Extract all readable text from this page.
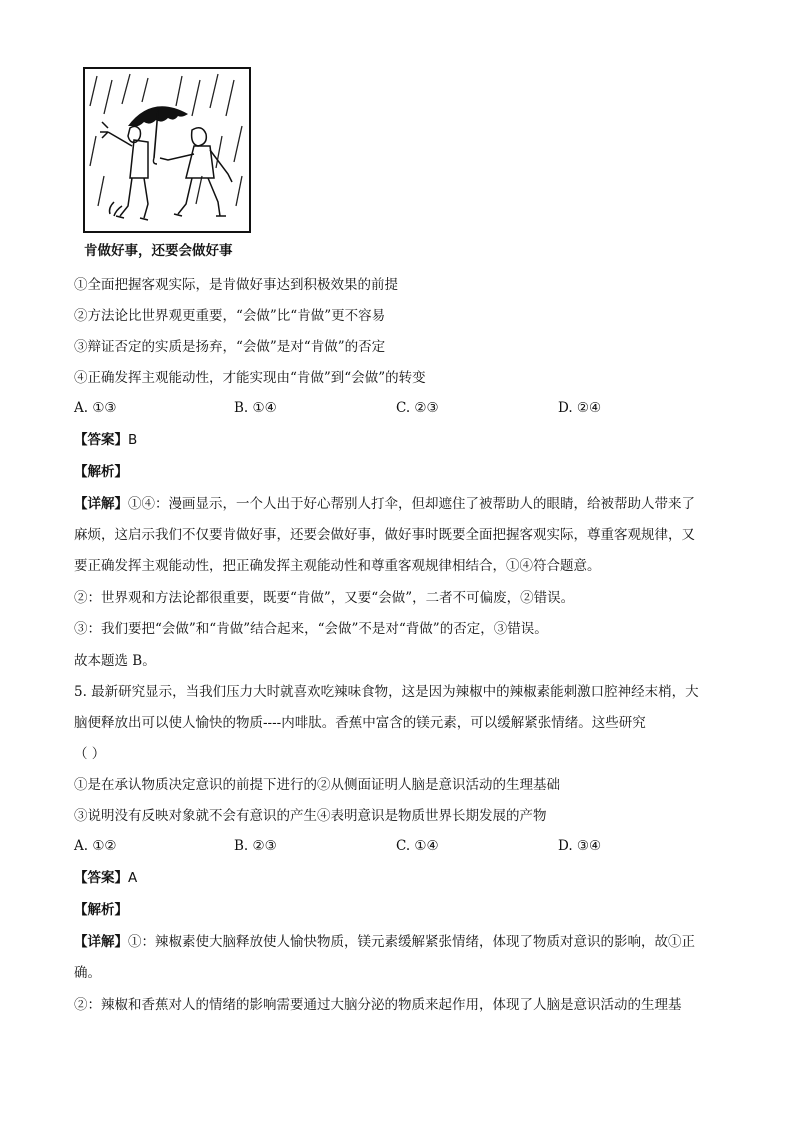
肯做好事，还要会做好事
①全面把握客观实际，是肯做好事达到积极效果的前提
②方法论比世界观更重要，“会做”比“肯做”更不容易
③辩证否定的实质是扬弃，“会做”是对“肯做”的否定
④正确发挥主观能动性，才能实现由“肯做”到“会做”的转变
A. ①③	B. ①④	C. ②③	D. ②④
【答案】B
【解析】
【详解】①④：漫画显示，一个人出于好心帮别人打伞，但却遮住了被帮助人的眼睛，给被帮助人带来了
麻烦，这启示我们不仅要肯做好事，还要会做好事，做好事时既要全面把握客观实际，尊重客观规律，又
要正确发挥主观能动性，把正确发挥主观能动性和尊重客观规律相结合，①④符合题意。
②：世界观和方法论都很重要，既要“肯做”，又要“会做”，二者不可偏废，②错误。
③：我们要把“会做”和“肯做”结合起来，“会做”不是对“背做”的否定，③错误。
故本题选 B。
5. 最新研究显示，当我们压力大时就喜欢吃辣味食物，这是因为辣椒中的辣椒素能刺激口腔神经末梢，大
脑便释放出可以使人愉快的物质----内啡肽。香蕉中富含的镁元素，可以缓解紧张情绪。这些研究
（ ）
①是在承认物质决定意识的前提下进行的②从侧面证明人脑是意识活动的生理基础
③说明没有反映对象就不会有意识的产生④表明意识是物质世界长期发展的产物
A. ①②	B. ②③	C. ①④	D. ③④
【答案】A
【解析】
【详解】①：辣椒素使大脑释放使人愉快物质，镁元素缓解紧张情绪，体现了物质对意识的影响，故①正
确。
②：辣椒和香蕉对人的情绪的影响需要通过大脑分泌的物质来起作用，体现了人脑是意识活动的生理基
